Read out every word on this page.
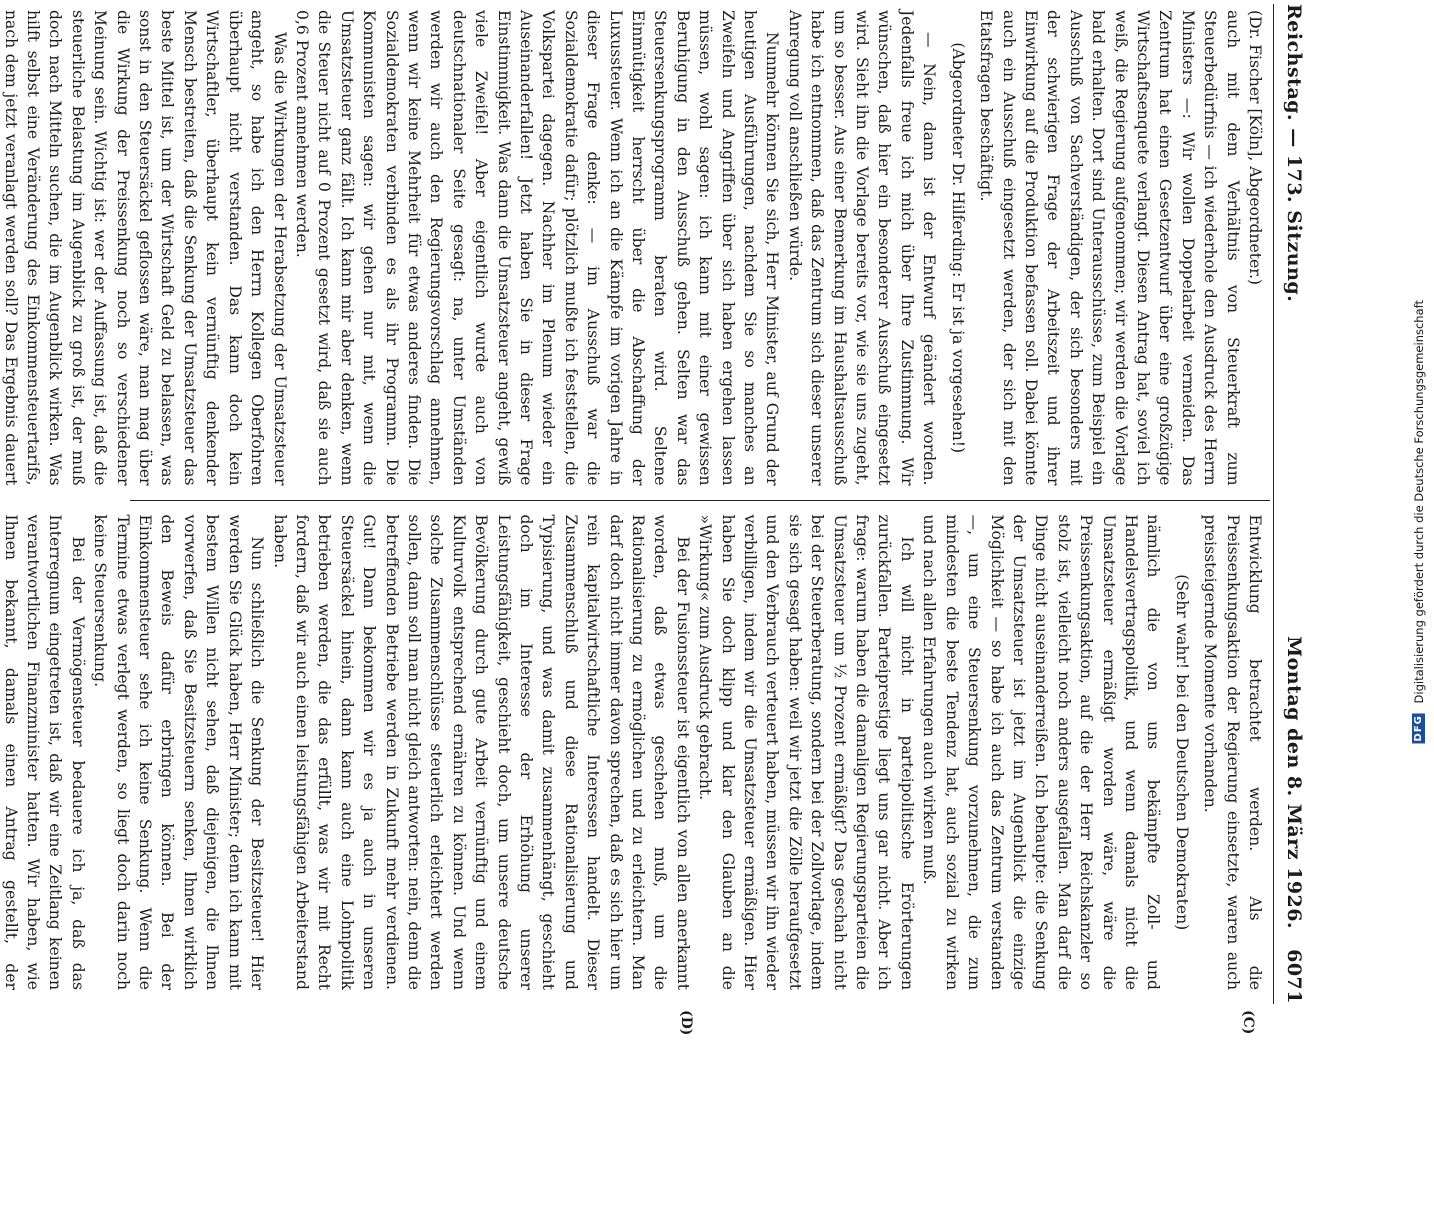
Reichstag. — 173. Sitzung.
Montag den 8. März 1926.
6071

(Dr. Fischer [Köln], Abgeordneter.)

auch mit dem Verhältnis von Steuerkraft zum Steuerbedürfnis — ich wiederhole den Ausdruck des Herrn Ministers —: Wir wollen Doppelarbeit vermeiden. Das Zentrum hat einen Gesetzentwurf über eine großzügige Wirtschaftsenquete verlangt. Diesen Antrag hat, soviel ich weiß, die Regierung aufgenommen; wir werden die Vorlage bald erhalten. Dort sind Unterausschüsse, zum Beispiel ein Ausschuß von Sachverständigen, der sich besonders mit der schwierigen Frage der Arbeitszeit und ihrer Einwirkung auf die Produktion befassen soll. Dabei könnte auch ein Ausschuß eingesetzt werden, der sich mit den Etatsfragen beschäftigt.

(Abgeordneter Dr. Hilferding: Er ist ja vorgesehen!)

— Nein, dann ist der Entwurf geändert worden. Jedenfalls freue ich mich über Ihre Zustimmung. Wir wünschen, daß hier ein besonderer Ausschuß eingesetzt wird. Sieht ihn die Vorlage bereits vor, wie sie uns zugeht, um so besser. Aus einer Bemerkung im Haushaltsausschuß habe ich entnommen, daß das Zentrum sich dieser unserer Anregung voll anschließen würde.

Nunmehr können Sie sich, Herr Minister, auf Grund der heutigen Ausführungen, nachdem Sie so manches an Zweifeln und Angriffen über sich haben ergehen lassen müssen, wohl sagen: ich kann mit einer gewissen Beruhigung in den Ausschuß gehen. Selten war das Steuersenkungsprogramm beraten wird. Seltene Einmütigkeit herrscht über die Abschaffung der Luxussteuer. Wenn ich an die Kämpfe im vorigen Jahre in dieser Frage denke: — im Ausschuß war die Sozialdemokratie dafür; plötzlich mußte ich feststellen, die Volkspartei dagegen. Nachher im Plenum wieder ein Auseinanderfallen! Jetzt haben Sie in dieser Frage Einstimmigkeit. Was dann die Umsatzsteuer angeht, gewiß viele Zweifel! Aber eigentlich wurde auch von deutschnationaler Seite gesagt: na, unter Umständen werden wir auch den Regierungsvorschlag annehmen, wenn wir keine Mehrheit für etwas anderes finden. Die Sozialdemokraten verbinden es als ihr Programm. Die Kommunisten sagen: wir gehen nur mit, wenn die Umsatzsteuer ganz fällt. Ich kann mir aber denken, wenn die Steuer nicht auf 0 Prozent gesetzt wird, daß sie auch 0,6 Prozent annehmen werden.

Was die Wirkungen der Herabsetzung der Umsatzsteuer angeht, so habe ich den Herrn Kollegen Oberfohren überhaupt nicht verstanden. Das kann doch kein Wirtschaftler, überhaupt kein vernünftig denkender Mensch bestreiten, daß die Senkung der Umsatzsteuer das beste Mittel ist, um der Wirtschaft Geld zu belassen, was sonst in den Steuersäckel geflossen wäre, man mag über die Wirkung der Preissenkung noch so verschiedener Meinung sein. Wichtig ist: wer der Auffassung ist, daß die steuerliche Belastung im Augenblick zu groß ist, der muß doch nach Mitteln suchen, die im Augenblick wirken. Was hilft selbst eine Veränderung des Einkommensteuertarifs, nach dem jetzt veranlagt werden soll? Das Ergebnis dauert

Entwicklung betrachtet werden. Als die Preissenkungsaktion der Regierung einsetzte, waren auch preissteigernde Momente vorhanden.

(Sehr wahr! bei den Deutschen Demokraten)

nämlich die von uns bekämpfte Zoll- und Handelsvertragspolitik, und wenn damals nicht die Umsatzsteuer ermäßigt worden wäre, wäre die Preissenkungsaktion, auf die der Herr Reichskanzler so stolz ist, vielleicht noch anders ausgefallen. Man darf die Dinge nicht auseinanderreißen. Ich behaupte: die Senkung der Umsatzsteuer ist jetzt im Augenblick die einzige Möglichkeit — so habe ich auch das Zentrum verstanden —, um eine Steuersenkung vorzunehmen, die zum mindesten die beste Tendenz hat, auch sozial zu wirken und nach allen Erfahrungen auch wirken muß.

Ich will nicht in parteipolitische Erörterungen zurückfallen. Parteiprestige liegt uns gar nicht. Aber ich frage: warum haben die damaligen Regierungsparteien die Umsatzsteuer um ½ Prozent ermäßigt? Das geschah nicht bei der Steuerberatung, sondern bei der Zollvorlage, indem sie sich gesagt haben: weil wir jetzt die Zölle heraufgesetzt und den Verbrauch verteuert haben, müssen wir ihn wieder verbilligen, indem wir die Umsatzsteuer ermäßigen. Hier haben Sie doch klipp und klar den Glauben an die »Wirkung« zum Ausdruck gebracht.

Bei der Fusionssteuer ist eigentlich von allen anerkannt worden, daß etwas geschehen muß, um die Rationalisierung zu ermöglichen und zu erleichtern. Man darf doch nicht immer davon sprechen, daß es sich hier um rein kapitalwirtschaftliche Interessen handelt. Dieser Zusammenschluß und diese Rationalisierung und Typisierung, und was damit zusammenhängt, geschieht doch im Interesse der Erhöhung unserer Leistungsfähigkeit, geschieht doch, um unsere deutsche Bevölkerung durch gute Arbeit vernünftig und einem Kulturvolk entsprechend ernähren zu können. Und wenn solche Zusammenschlüsse steuerlich erleichtert werden sollen, dann soll man nicht gleich antworten: nein, denn die betreffenden Betriebe werden in Zukunft mehr verdienen. Gut! Dann bekommen wir es ja auch in unseren Steuersäckel hinein, dann kann auch eine Lohnpolitik betrieben werden, die das erfüllt, was wir mit Recht fordern, daß wir auch einen leistungsfähigen Arbeiterstand haben.

Nun schließlich die Senkung der Besitzsteuer! Hier werden Sie Glück haben, Herr Minister; denn ich kann mit bestem Willen nicht sehen, daß diejenigen, die Ihnen vorwerfen, daß Sie Besitzsteuern senken, Ihnen wirklich den Beweis dafür erbringen können. Bei der Einkommensteuer sehe ich keine Senkung. Wenn die Termine etwas verlegt werden, so liegt doch darin noch keine Steuersenkung.

Bei der Vermögensteuer bedauere ich ja, daß das Interregnum eingetreten ist, daß wir eine Zeitlang keinen verantwortlichen Finanzminister hatten. Wir haben, wie Ihnen bekannt, damals einen Antrag gestellt, der

(C)
(D)
DFG Digitalisierung gefördert durch die Deutsche Forschungsgemeinschaft
